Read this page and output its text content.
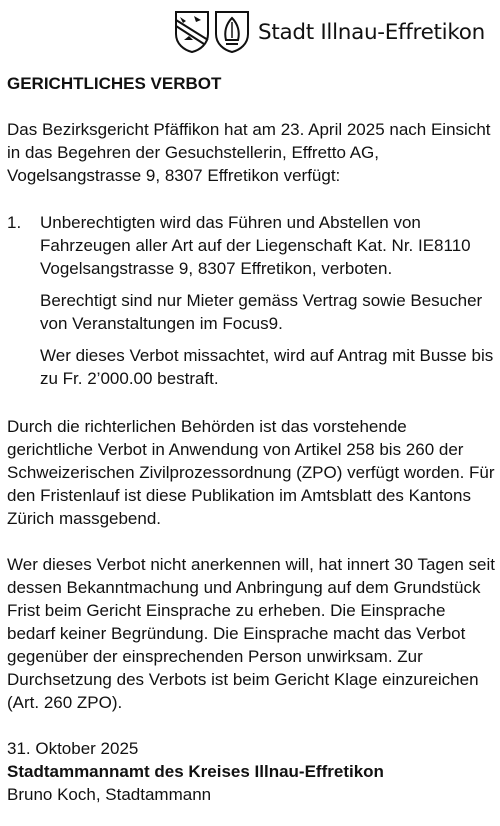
Stadt Illnau-Effretikon

GERICHTLICHES VERBOT

Das Bezirksgericht Pfäffikon hat am 23. April 2025 nach Einsicht in das Begehren der Gesuchstellerin, Effretto AG, Vogelsangstrasse 9, 8307 Effretikon verfügt:

1. Unberechtigten wird das Führen und Abstellen von Fahrzeugen aller Art auf der Liegenschaft Kat. Nr. IE8110 Vogelsangstrasse 9, 8307 Effretikon, verboten.

Berechtigt sind nur Mieter gemäss Vertrag sowie Besucher von Veranstaltungen im Focus9.

Wer dieses Verbot missachtet, wird auf Antrag mit Busse bis zu Fr. 2’000.00 bestraft.

Durch die richterlichen Behörden ist das vorstehende gerichtliche Verbot in Anwendung von Artikel 258 bis 260 der Schweizerischen Zivilprozessordnung (ZPO) verfügt worden. Für den Fristenlauf ist diese Publikation im Amtsblatt des Kantons Zürich massgebend.

Wer dieses Verbot nicht anerkennen will, hat innert 30 Tagen seit dessen Bekanntmachung und Anbringung auf dem Grundstück Frist beim Gericht Einsprache zu erheben. Die Einsprache bedarf keiner Begründung. Die Einsprache macht das Verbot gegenüber der einsprechenden Person unwirksam. Zur Durchsetzung des Verbots ist beim Gericht Klage einzureichen (Art. 260 ZPO).

31. Oktober 2025

Stadtammannamt des Kreises Illnau-Effretikon

Bruno Koch, Stadtammann
